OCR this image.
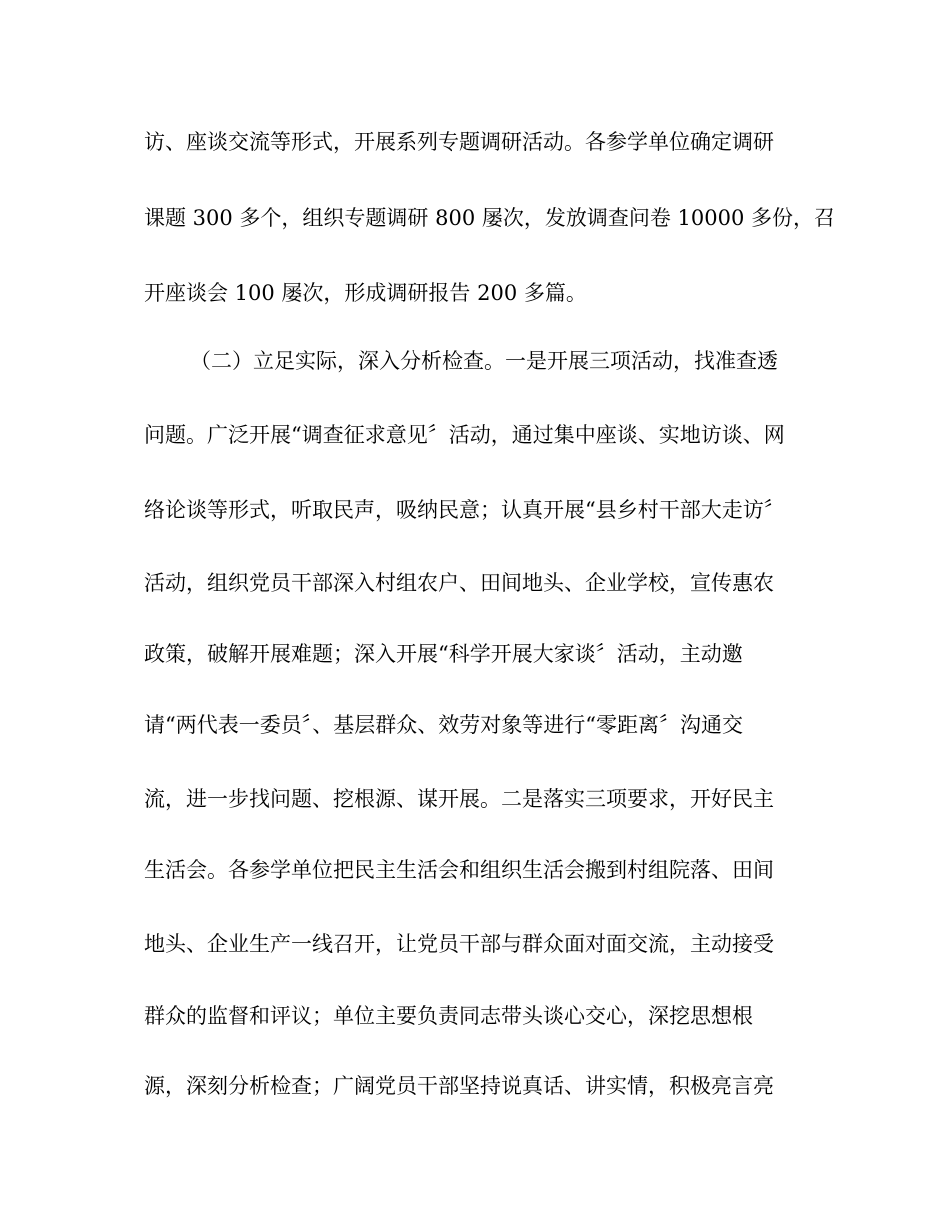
访、座谈交流等形式，开展系列专题调研活动。各参学单位确定调研
课题 300 多个，组织专题调研 800 屡次，发放调查问卷 10000 多份，召
开座谈会 100 屡次，形成调研报告 200 多篇。
（二）立足实际，深入分析检查。一是开展三项活动，找准查透
问题。广泛开展“调查征求意见〞活动，通过集中座谈、实地访谈、网
络论谈等形式，听取民声，吸纳民意；认真开展“县乡村干部大走访〞
活动，组织党员干部深入村组农户、田间地头、企业学校，宣传惠农
政策，破解开展难题；深入开展“科学开展大家谈〞活动，主动邀
请“两代表一委员〞、基层群众、效劳对象等进行“零距离〞沟通交
流，进一步找问题、挖根源、谋开展。二是落实三项要求，开好民主
生活会。各参学单位把民主生活会和组织生活会搬到村组院落、田间
地头、企业生产一线召开，让党员干部与群众面对面交流，主动接受
群众的监督和评议；单位主要负责同志带头谈心交心，深挖思想根
源，深刻分析检查；广阔党员干部坚持说真话、讲实情，积极亮言亮
